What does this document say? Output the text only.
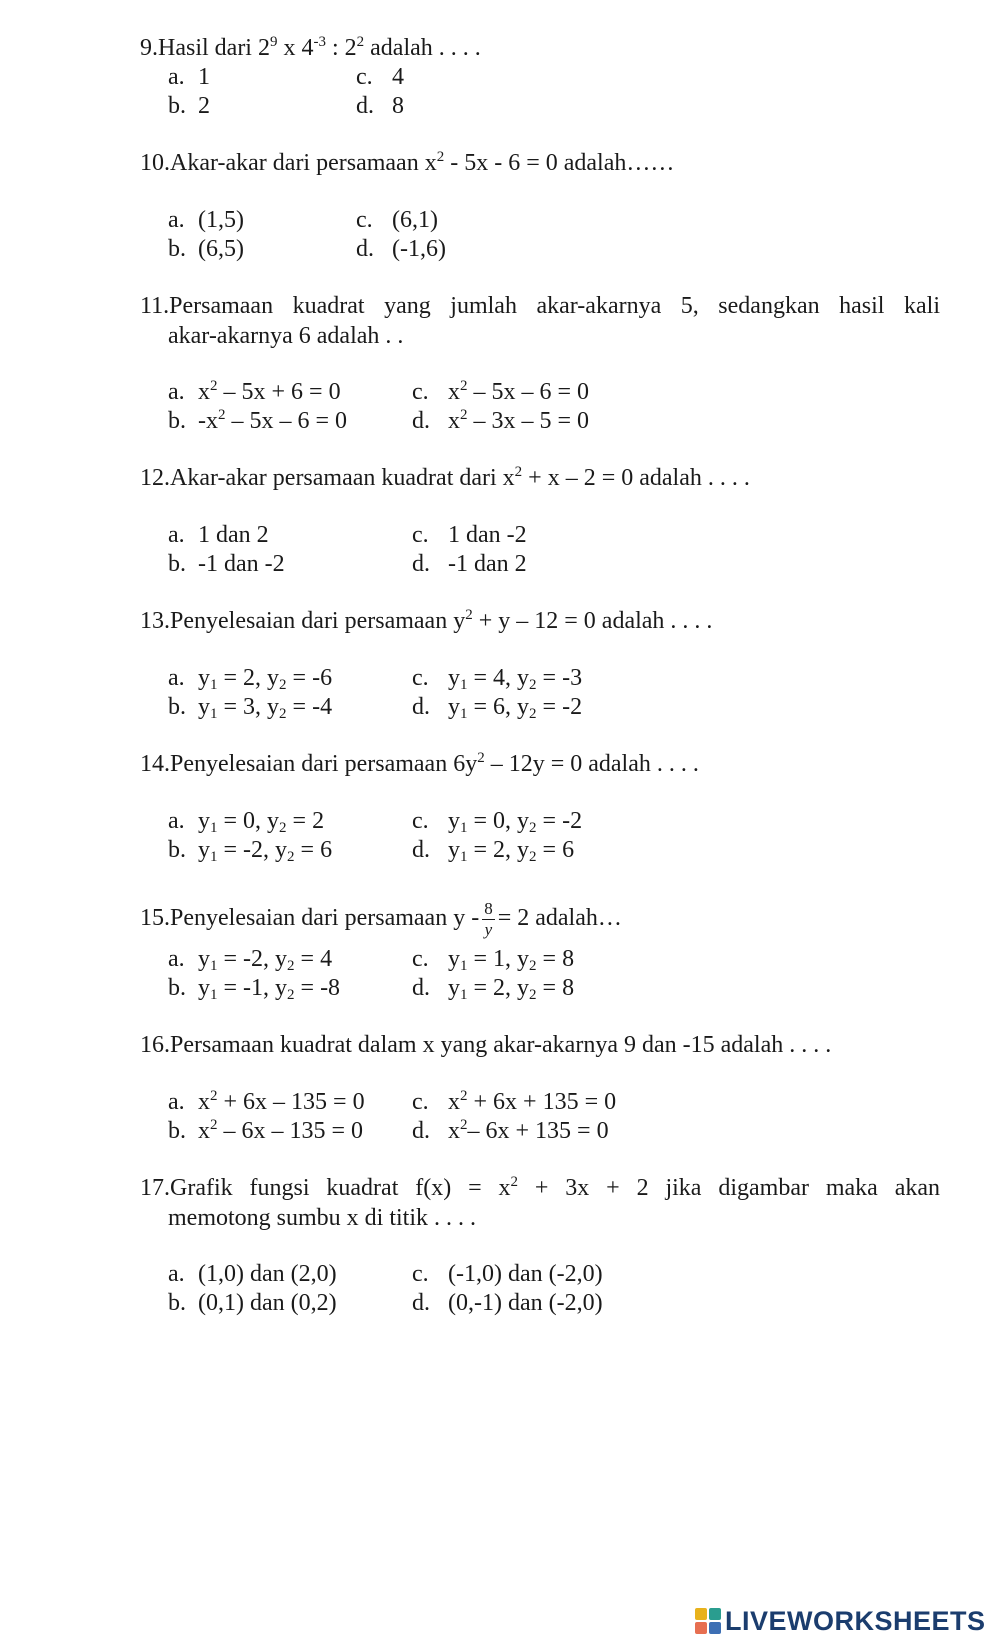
9.Hasil dari $2^9$ x $4^{-3}$ : $2^2$ adalah . . . .
a. 1
b. 2
c. 4
d. 8
10.Akar-akar dari persamaan $x^2 - 5x - 6 = 0$ adalah……
a. (1,5)
b. (6,5)
c. (6,1)
d. (-1,6)
11.Persamaan kuadrat yang jumlah akar-akarnya 5, sedangkan hasil kali
akar-akarnya 6 adalah . .
a. $x^2 - 5x + 6 = 0$
b. $-x^2 - 5x - 6 = 0$
c. $x^2 - 5x - 6 = 0$
d. $x^2 - 3x - 5 = 0$
12.Akar-akar persamaan kuadrat dari $x^2 + x - 2 = 0$ adalah . . . .
a. 1 dan 2
b. -1 dan -2
c. 1 dan -2
d. -1 dan 2
13.Penyelesaian dari persamaan $y^2 + y - 12 = 0$ adalah . . . .
a. $y_1 = 2$, $y_2 = -6$
b. $y_1 = 3$, $y_2 = -4$
c. $y_1 = 4$, $y_2 = -3$
d. $y_1 = 6$, $y_2 = -2$
14.Penyelesaian dari persamaan $6y^2 - 12y = 0$ adalah . . . .
a. $y_1 = 0$, $y_2 = 2$
b. $y_1 = -2$, $y_2 = 6$
c. $y_1 = 0$, $y_2 = -2$
d. $y_1 = 2$, $y_2 = 6$
15.Penyelesaian dari persamaan $y - \frac{8}{y} = 2$ adalah…
a. $y_1 = -2$, $y_2 = 4$
b. $y_1 = -1$, $y_2 = -8$
c. $y_1 = 1$, $y_2 = 8$
d. $y_1 = 2$, $y_2 = 8$
16.Persamaan kuadrat dalam x yang akar-akarnya 9 dan -15 adalah . . . .
a. $x^2 + 6x - 135 = 0$
b. $x^2 - 6x - 135 = 0$
c. $x^2 + 6x + 135 = 0$
d. $x^2-$ 6x + 135 = 0
17.Grafik fungsi kuadrat $f(x) = x^2 + 3x + 2$ jika digambar maka akan
memotong sumbu x di titik . . . .
a. (1,0) dan (2,0)
b. (0,1) dan (0,2)
c. (-1,0) dan (-2,0)
d. (0,-1) dan (-2,0)
LIVEWORKSHEETS
